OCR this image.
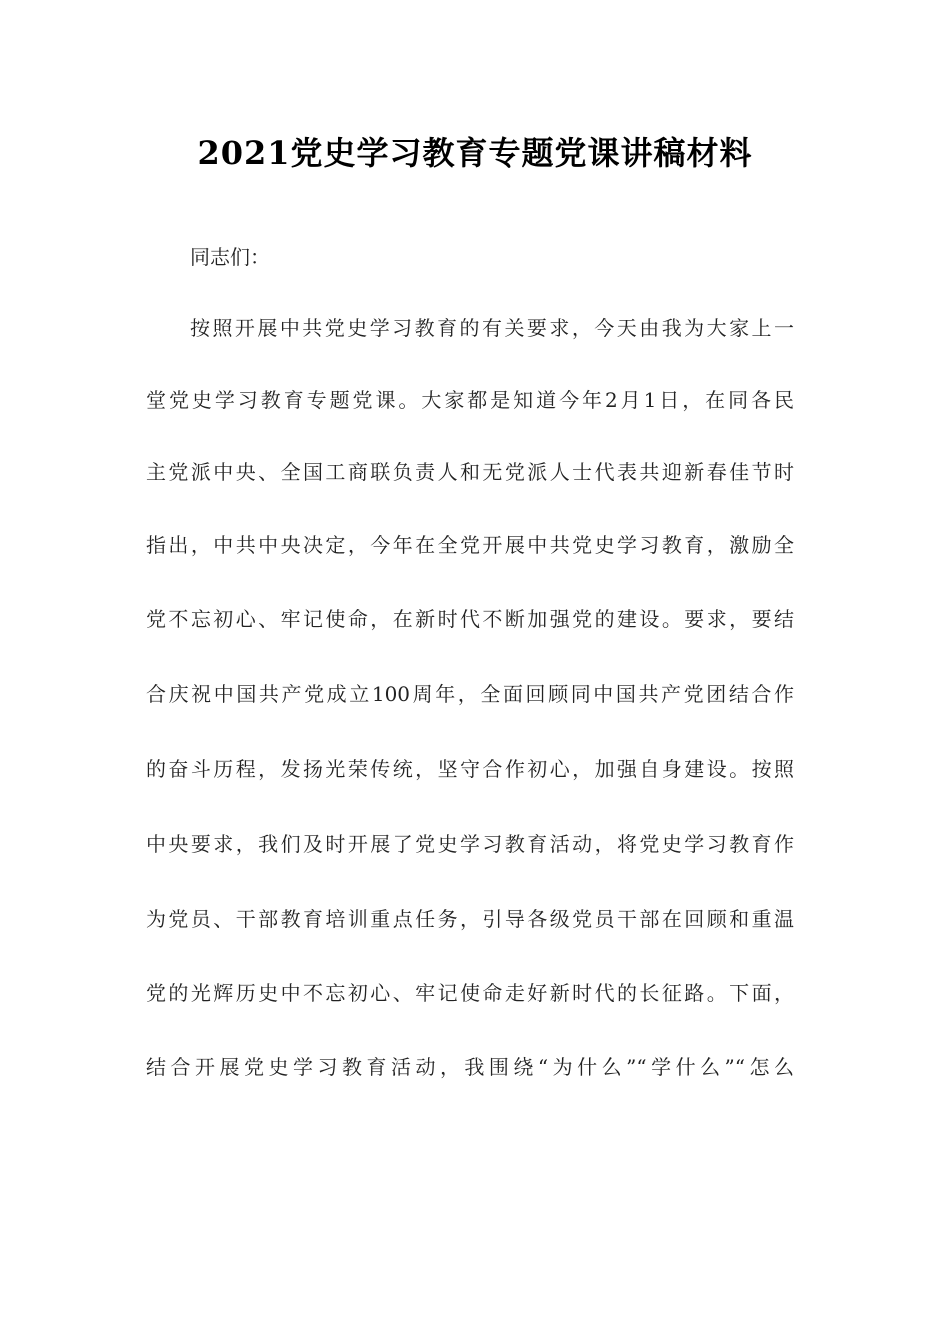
2021党史学习教育专题党课讲稿材料
同志们：
按照开展中共党史学习教育的有关要求，今天由我为大家上一
堂党史学习教育专题党课。大家都是知道今年2月1日，在同各民
主党派中央、全国工商联负责人和无党派人士代表共迎新春佳节时
指出，中共中央决定，今年在全党开展中共党史学习教育，激励全
党不忘初心、牢记使命，在新时代不断加强党的建设。要求，要结
合庆祝中国共产党成立100周年，全面回顾同中国共产党团结合作
的奋斗历程，发扬光荣传统，坚守合作初心，加强自身建设。按照
中央要求，我们及时开展了党史学习教育活动，将党史学习教育作
为党员、干部教育培训重点任务，引导各级党员干部在回顾和重温
党的光辉历史中不忘初心、牢记使命走好新时代的长征路。下面，
结合开展党史学习教育活动，我围绕“为什么”“学什么”“怎么
